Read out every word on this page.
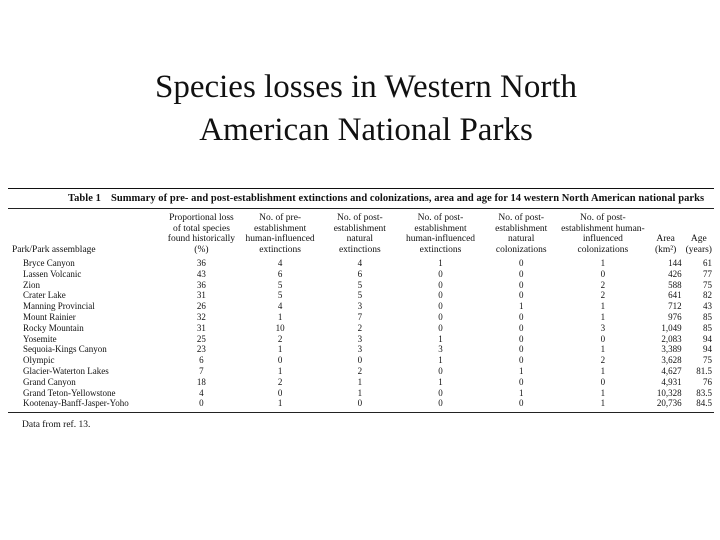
Species losses in Western North
American National Parks
Table 1 Summary of pre- and post-establishment extinctions and colonizations, area and age for 14 western North American national parks
Park/Park assemblage	Proportional loss of total species found historically (%)	No. of pre-establishment human-influenced extinctions	No. of post-establishment natural extinctions	No. of post-establishment human-influenced extinctions	No. of post-establishment natural colonizations	No. of post-establishment human-influenced colonizations	Area (km²)	Age (years)
Bryce Canyon	36	4	4	1	0	1	144	61
Lassen Volcanic	43	6	6	0	0	0	426	77
Zion	36	5	5	0	0	2	588	75
Crater Lake	31	5	5	0	0	2	641	82
Manning Provincial	26	4	3	0	1	1	712	43
Mount Rainier	32	1	7	0	0	1	976	85
Rocky Mountain	31	10	2	0	0	3	1,049	85
Yosemite	25	2	3	1	0	0	2,083	94
Sequoia-Kings Canyon	23	1	3	3	0	1	3,389	94
Olympic	6	0	0	1	0	2	3,628	75
Glacier-Waterton Lakes	7	1	2	0	1	1	4,627	81.5
Grand Canyon	18	2	1	1	0	0	4,931	76
Grand Teton-Yellowstone	4	0	1	0	1	1	10,328	83.5
Kootenay-Banff-Jasper-Yoho	0	1	0	0	0	1	20,736	84.5
Data from ref. 13.
